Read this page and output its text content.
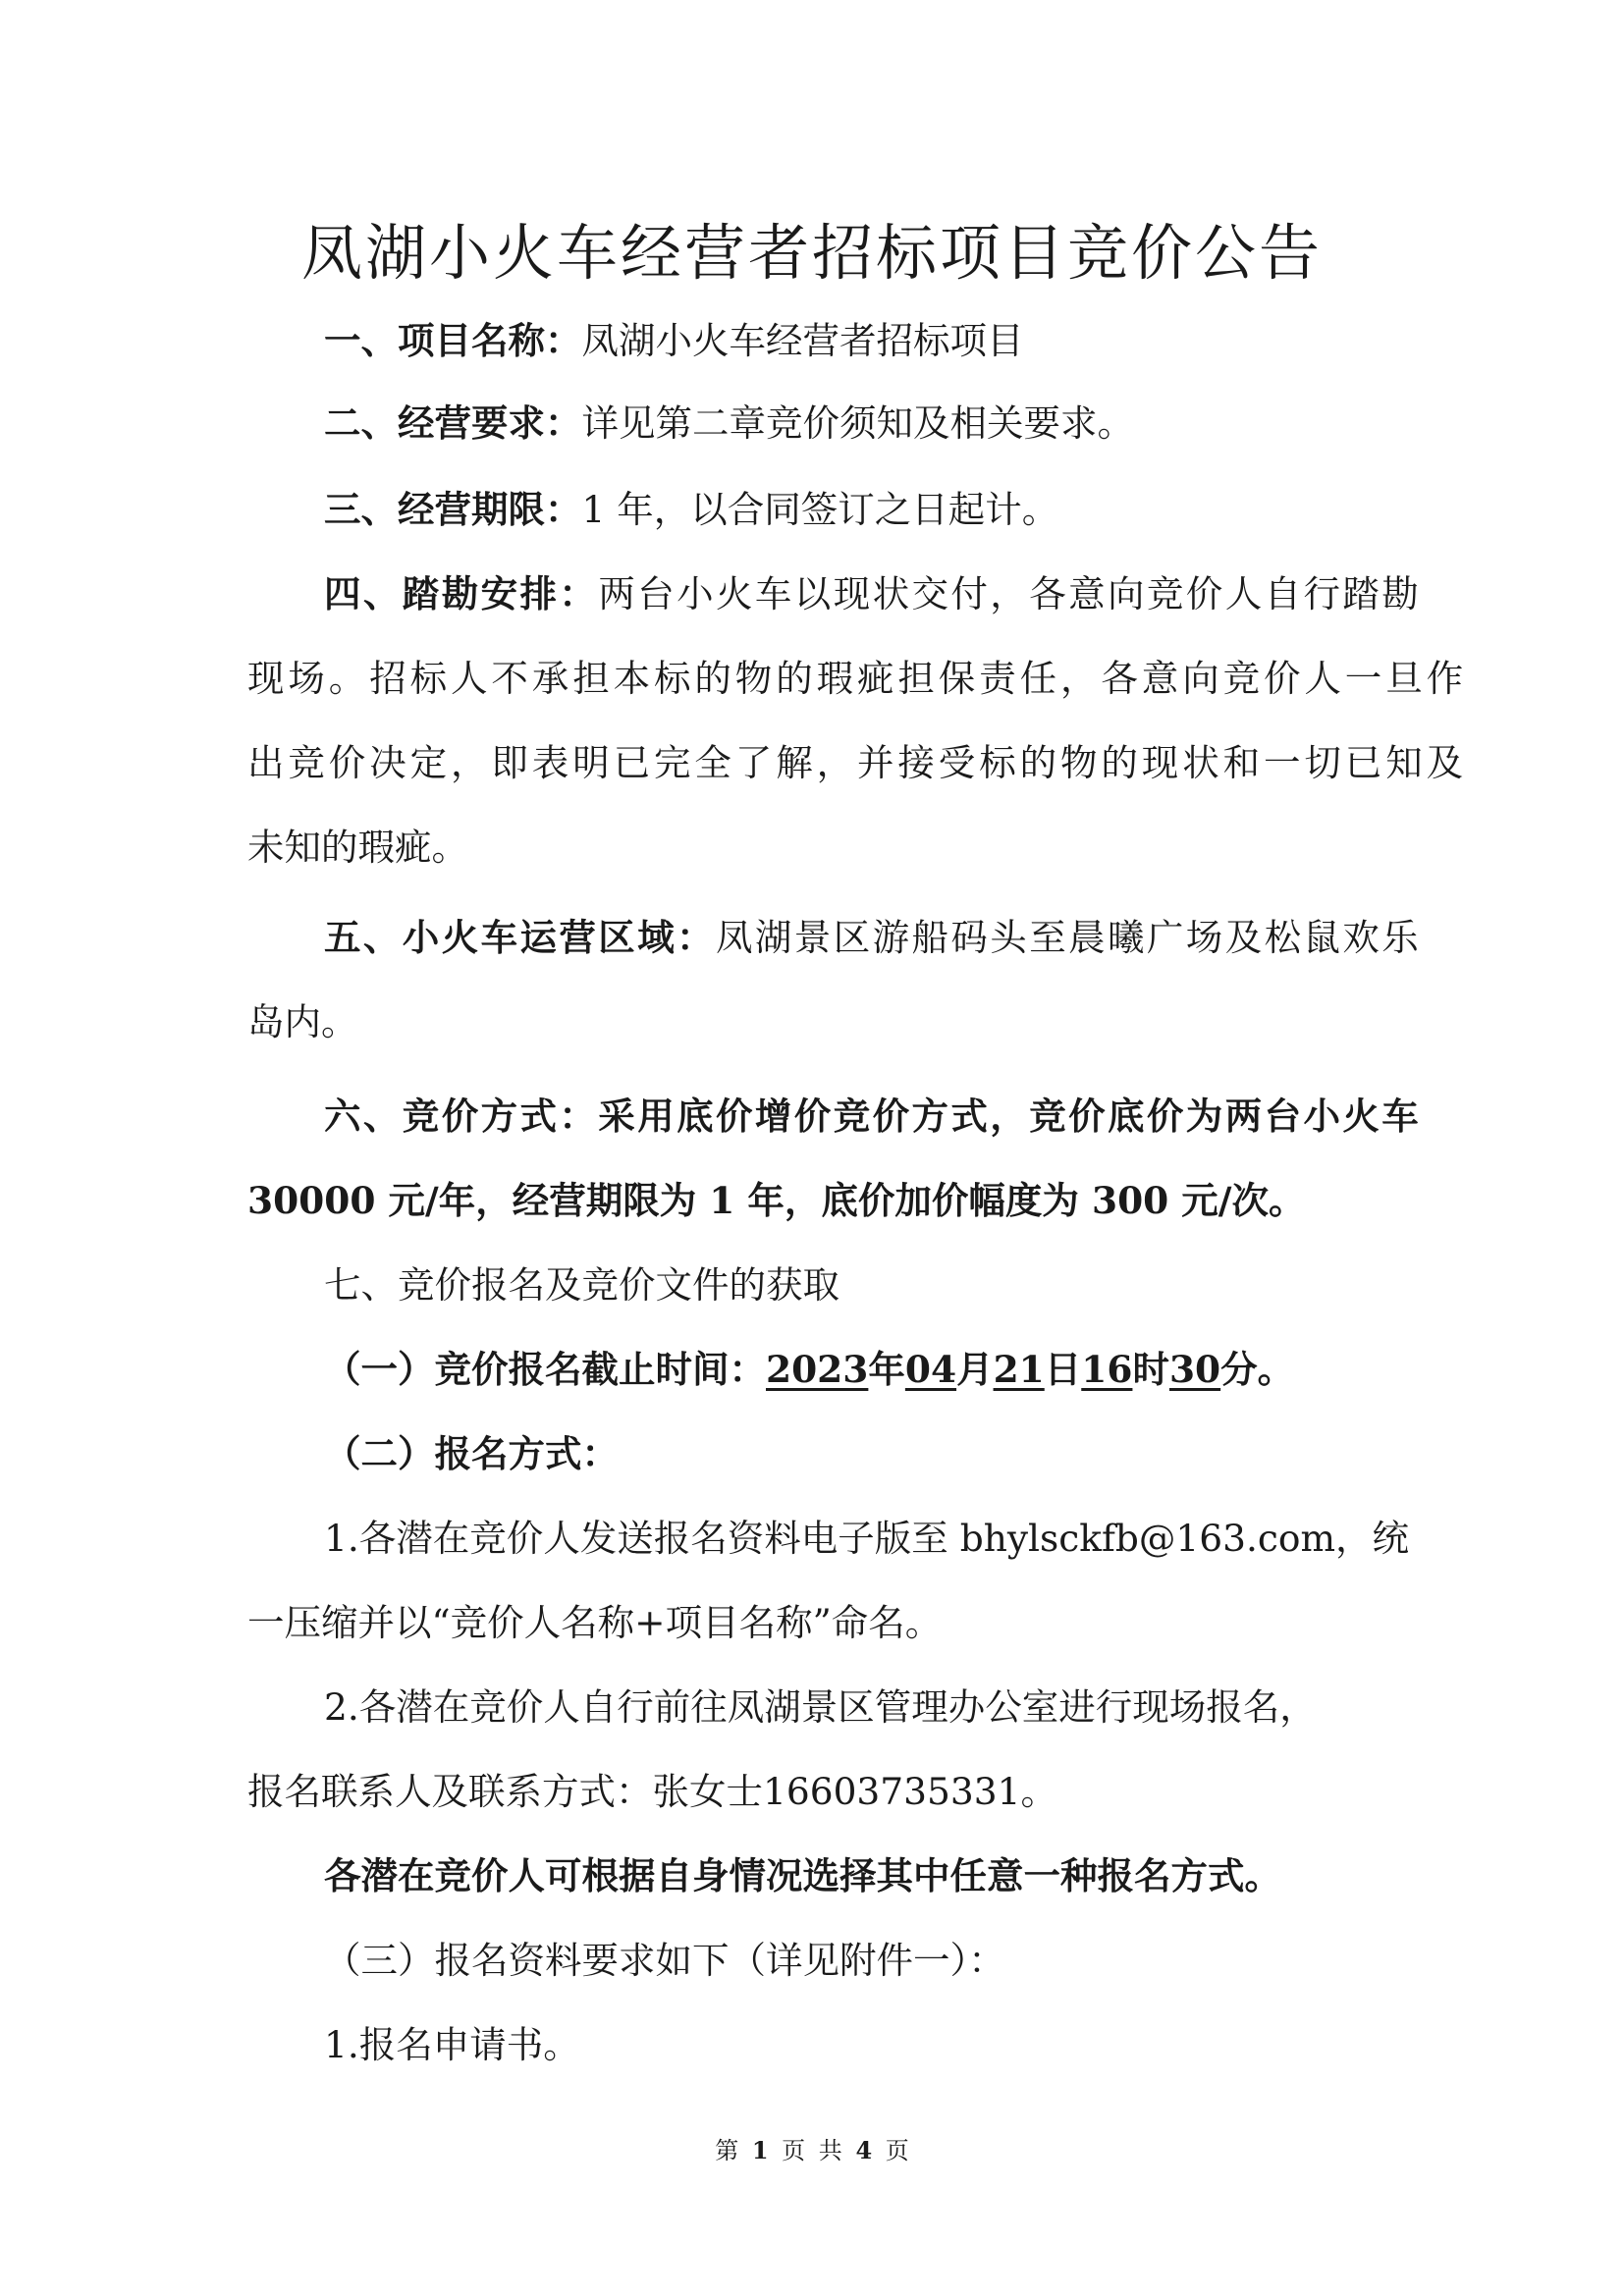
凤湖小火车经营者招标项目竞价公告
一、项目名称：凤湖小火车经营者招标项目
二、经营要求：详见第二章竞价须知及相关要求。
三、经营期限：1 年，以合同签订之日起计。
四、踏勘安排：两台小火车以现状交付，各意向竞价人自行踏勘
现场。招标人不承担本标的物的瑕疵担保责任，各意向竞价人一旦作
出竞价决定，即表明已完全了解，并接受标的物的现状和一切已知及
未知的瑕疵。
五、小火车运营区域：凤湖景区游船码头至晨曦广场及松鼠欢乐
岛内。
六、竞价方式：采用底价增价竞价方式，竞价底价为两台小火车
30000 元/年，经营期限为 1 年，底价加价幅度为 300 元/次。
七、竞价报名及竞价文件的获取
（一）竞价报名截止时间：2023年04月21日16时30分。
（二）报名方式：
1.各潜在竞价人发送报名资料电子版至 bhylsckfb@163.com，统
一压缩并以“竞价人名称+项目名称”命名。
2.各潜在竞价人自行前往凤湖景区管理办公室进行现场报名，
报名联系人及联系方式：张女士16603735331。
各潜在竞价人可根据自身情况选择其中任意一种报名方式。
（三）报名资料要求如下（详见附件一）：
1.报名申请书。
第 1 页 共 4 页
